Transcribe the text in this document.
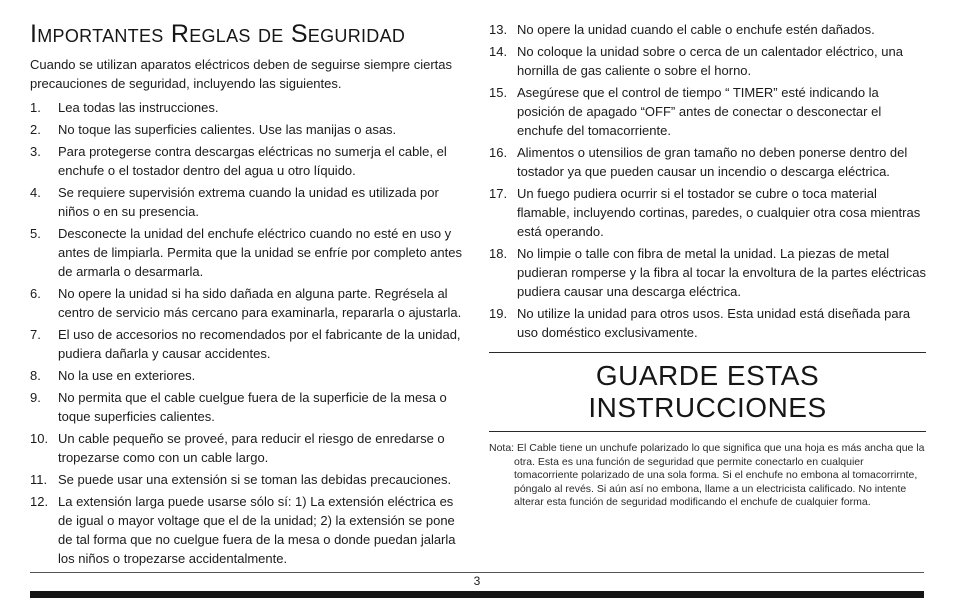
Importantes Reglas de Seguridad

Cuando se utilizan aparatos eléctricos deben de seguirse siempre ciertas precauciones de seguridad, incluyendo las siguientes.

1.	Lea todas las instrucciones.
2.	No toque las superficies calientes. Use las manijas o asas.
3.	Para protegerse contra descargas eléctricas no sumerja el cable, el enchufe o el tostador dentro del agua u otro líquido.
4.	Se requiere supervisión extrema cuando la unidad es utilizada por niños o en su presencia.
5.	Desconecte la unidad del enchufe eléctrico cuando no esté en uso y antes de limpiarla. Permita que la unidad se enfríe por completo antes de armarla o desarmarla.
6.	No opere la unidad si ha sido dañada en alguna parte. Regrésela al centro de servicio más cercano para examinarla, repararla o ajustarla.
7.	El uso de accesorios no recomendados por el fabricante de la unidad, pudiera dañarla y causar accidentes.
8.	No la use en exteriores.
9.	No permita que el cable cuelgue fuera de la superficie de la mesa o toque superficies calientes.
10. Un cable pequeño se proveé, para reducir el riesgo de enredarse o tropezarse como con un cable largo.
11. Se puede usar una extensión si se toman las debidas precauciones.
12. La extensión larga puede usarse sólo sí: 1) La extensión eléctrica es de igual o mayor voltage que el de la unidad; 2) la extensión se pone de tal forma que no cuelgue fuera de la mesa o donde puedan jalarla los niños o tropezarse accidentalmente.
13. No opere la unidad cuando el cable o enchufe estén dañados.
14. No coloque la unidad sobre o cerca de un calentador eléctrico, una hornilla de gas caliente o sobre el horno.
15. Asegúrese que el control de tiempo “ TIMER” esté indicando la posición de apagado “OFF” antes de conectar o desconectar el enchufe del tomacorriente.
16. Alimentos o utensilios de gran tamaño no deben ponerse dentro del tostador ya que pueden causar un incendio o descarga eléctrica.
17. Un fuego pudiera ocurrir si el tostador se cubre o toca material flamable, incluyendo cortinas, paredes, o cualquier otra cosa mientras está operando.
18. No limpie o talle con fibra de metal la unidad. La piezas de metal pudieran romperse y la fibra al tocar la envoltura de la partes eléctricas pudiera causar una descarga eléctrica.
19. No utilize la unidad para otros usos. Esta unidad está diseñada para uso doméstico exclusivamente.
GUARDE ESTAS INSTRUCCIONES

Nota: El Cable tiene un unchufe polarizado lo que significa que una hoja es más ancha que la otra. Esta es una función de seguridad que permite conectarlo en cualquier tomacorriente polarizado de una sola forma. Si el enchufe no embona al tomacorrirnte, póngalo al revés. Si aún así no embona, llame a un electricista calificado. No intente alterar esta función de seguridad modificando el enchufe de cualquier forma.

3
